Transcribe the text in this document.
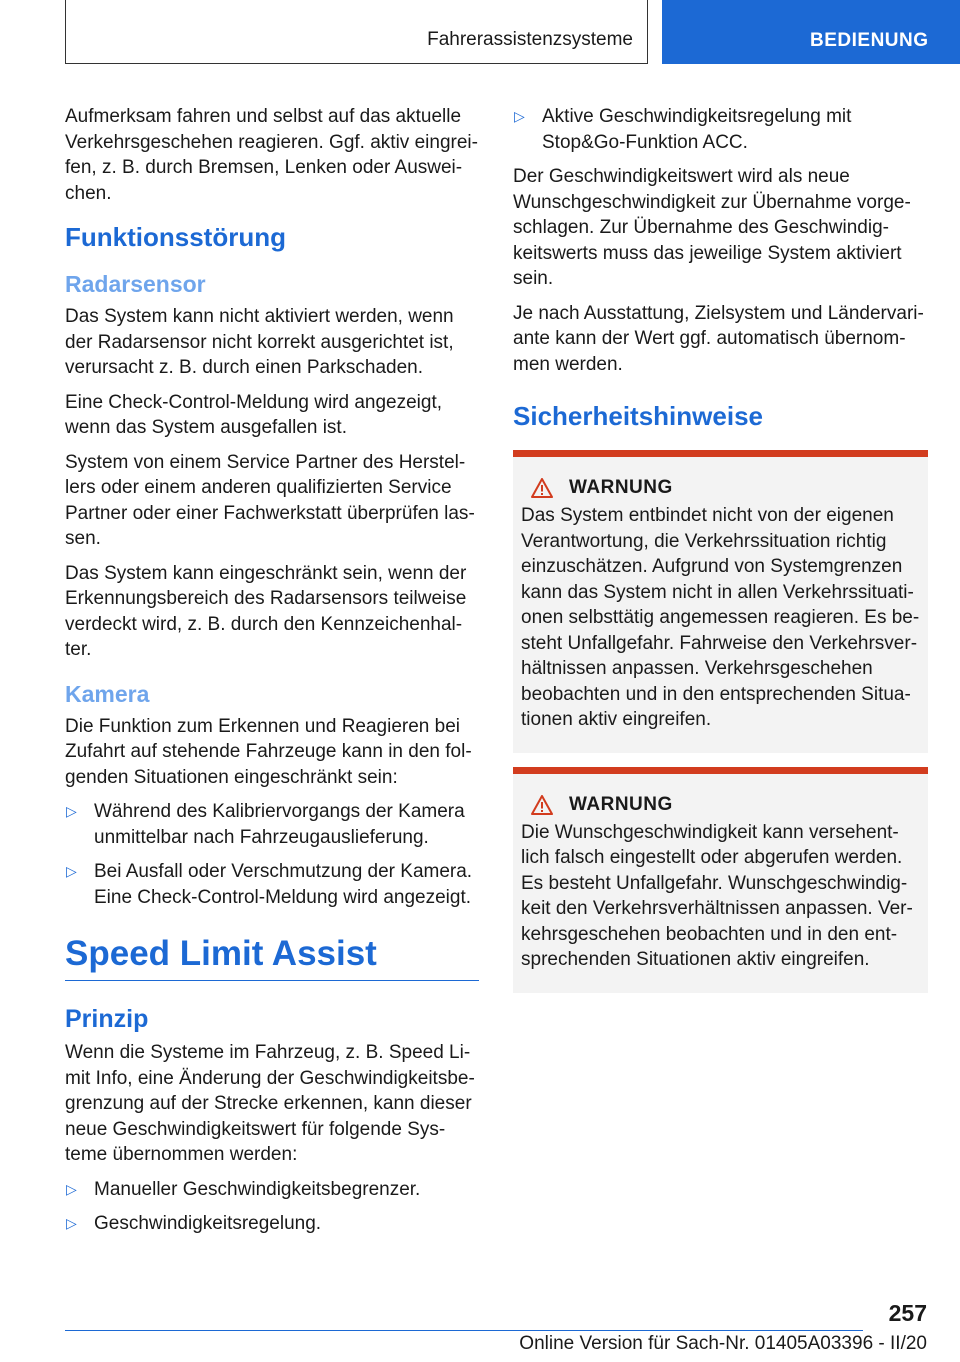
Fahrerassistenzsysteme	BEDIENUNG

Aufmerksam fahren und selbst auf das aktuelle Verkehrsgeschehen reagieren. Ggf. aktiv eingreifen, z. B. durch Bremsen, Lenken oder Ausweichen.

Funktionsstörung
Radarsensor

Das System kann nicht aktiviert werden, wenn der Radarsensor nicht korrekt ausgerichtet ist, verursacht z. B. durch einen Parkschaden.

Eine Check-Control-Meldung wird angezeigt, wenn das System ausgefallen ist.

System von einem Service Partner des Herstellers oder einem anderen qualifizierten Service Partner oder einer Fachwerkstatt überprüfen lassen.

Das System kann eingeschränkt sein, wenn der Erkennungsbereich des Radarsensors teilweise verdeckt wird, z. B. durch den Kennzeichenhalter.

Kamera

Die Funktion zum Erkennen und Reagieren bei Zufahrt auf stehende Fahrzeuge kann in den folgenden Situationen eingeschränkt sein:

▷ Während des Kalibriervorgangs der Kamera unmittelbar nach Fahrzeugauslieferung.
▷ Bei Ausfall oder Verschmutzung der Kamera. Eine Check-Control-Meldung wird angezeigt.
Speed Limit Assist
Prinzip

Wenn die Systeme im Fahrzeug, z. B. Speed Limit Info, eine Änderung der Geschwindigkeitsbegrenzung auf der Strecke erkennen, kann dieser neue Geschwindigkeitswert für folgende Systeme übernommen werden:

▷ Manueller Geschwindigkeitsbegrenzer.
▷ Geschwindigkeitsregelung.
▷ Aktive Geschwindigkeitsregelung mit Stop&Go-Funktion ACC.

Der Geschwindigkeitswert wird als neue Wunschgeschwindigkeit zur Übernahme vorgeschlagen. Zur Übernahme des Geschwindigkeitswerts muss das jeweilige System aktiviert sein.

Je nach Ausstattung, Zielsystem und Ländervariante kann der Wert ggf. automatisch übernommen werden.

Sicherheitshinweise
WARNUNG

Das System entbindet nicht von der eigenen Verantwortung, die Verkehrssituation richtig einzuschätzen. Aufgrund von Systemgrenzen kann das System nicht in allen Verkehrssituationen selbsttätig angemessen reagieren. Es besteht Unfallgefahr. Fahrweise den Verkehrsverhältnissen anpassen. Verkehrsgeschehen beobachten und in den entsprechenden Situationen aktiv eingreifen.

WARNUNG

Die Wunschgeschwindigkeit kann versehentlich falsch eingestellt oder abgerufen werden. Es besteht Unfallgefahr. Wunschgeschwindigkeit den Verkehrsverhältnissen anpassen. Verkehrsgeschehen beobachten und in den entsprechenden Situationen aktiv eingreifen.

257
Online Version für Sach-Nr. 01405A03396 - II/20
